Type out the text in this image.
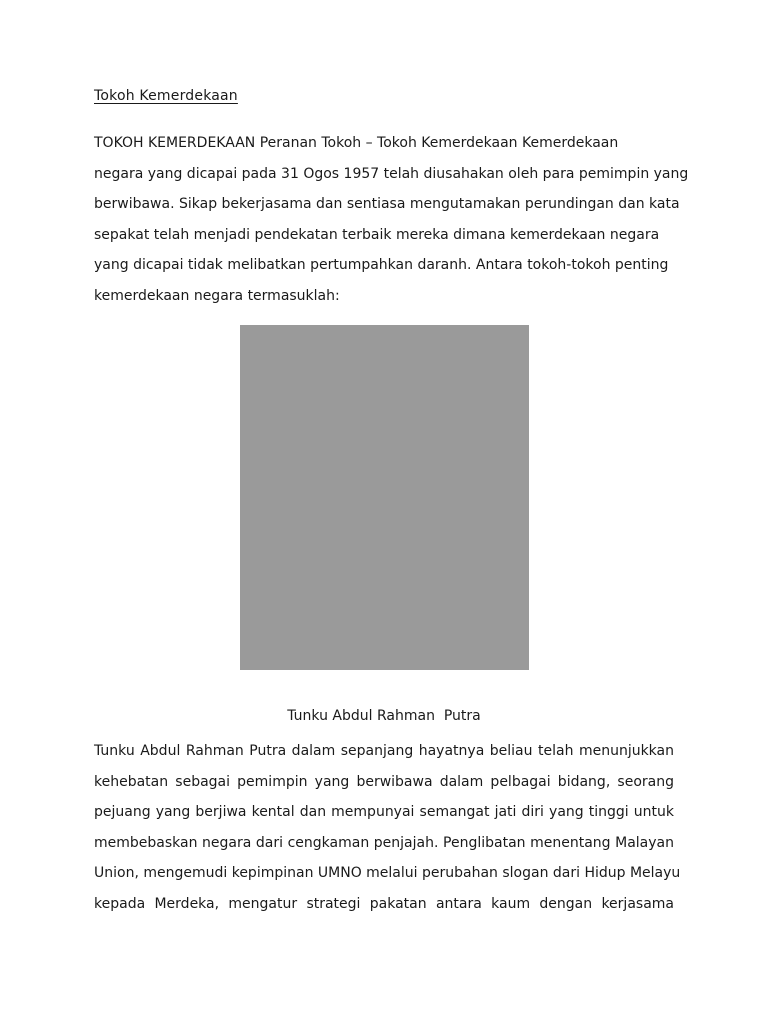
Tokoh Kemerdekaan

TOKOH KEMERDEKAAN Peranan Tokoh – Tokoh Kemerdekaan Kemerdekaan
negara yang dicapai pada 31 Ogos 1957 telah diusahakan oleh para pemimpin yang
berwibawa. Sikap bekerjasama dan sentiasa mengutamakan perundingan dan kata
sepakat telah menjadi pendekatan terbaik mereka dimana kemerdekaan negara
yang dicapai tidak melibatkan pertumpahkan daranh. Antara tokoh-tokoh penting
kemerdekaan negara termasuklah:

Tunku Abdul Rahman  Putra

Tunku Abdul Rahman Putra dalam sepanjang hayatnya beliau telah menunjukkan
kehebatan sebagai pemimpin yang berwibawa dalam pelbagai bidang, seorang
pejuang yang berjiwa kental dan mempunyai semangat jati diri yang tinggi untuk
membebaskan negara dari cengkaman penjajah. Penglibatan menentang Malayan
Union, mengemudi kepimpinan UMNO melalui perubahan slogan dari Hidup Melayu
kepada Merdeka, mengatur strategi pakatan antara kaum dengan kerjasama
